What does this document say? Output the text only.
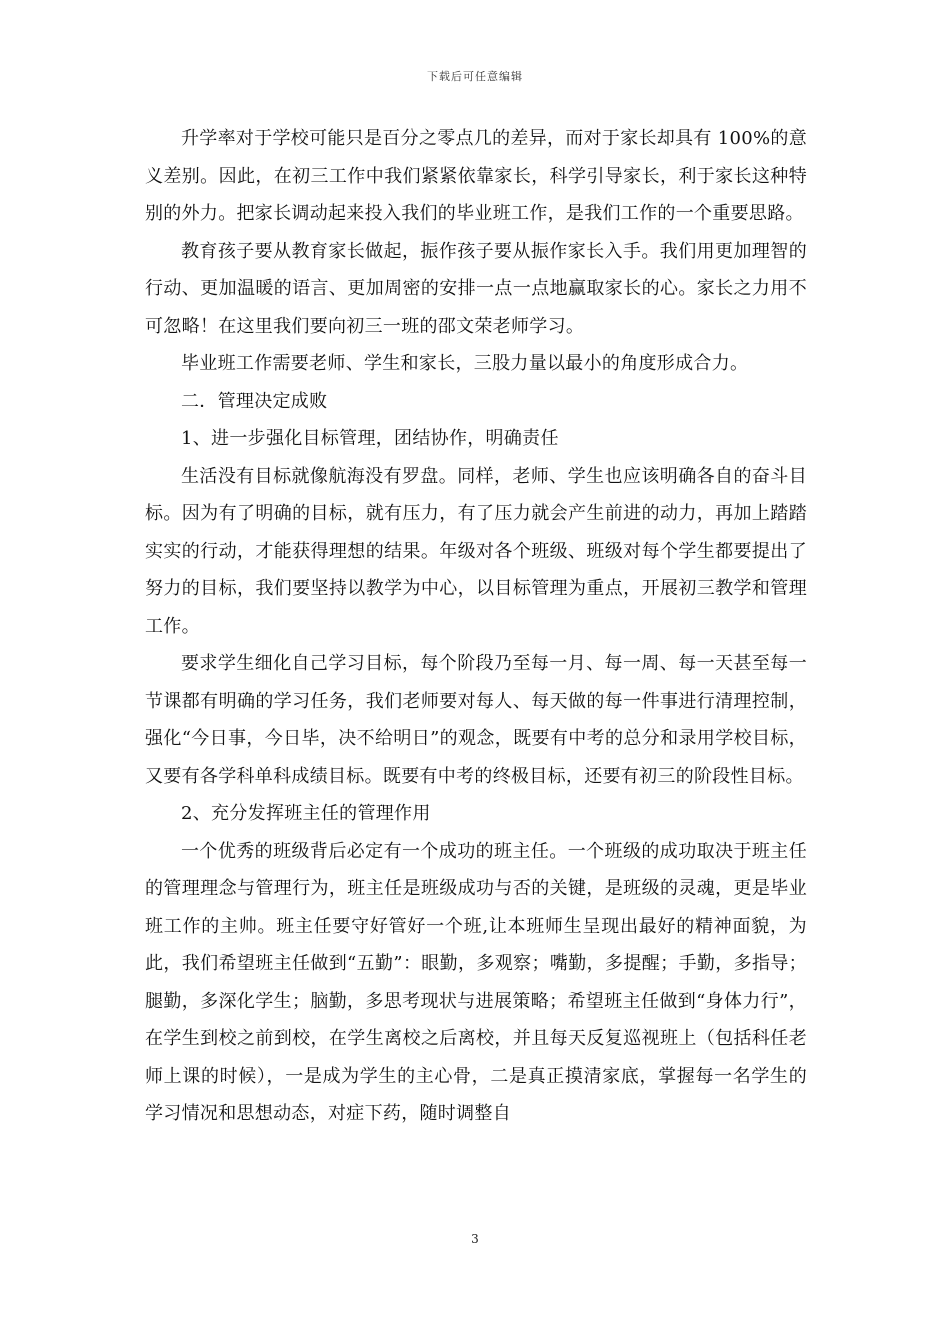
下载后可任意编辑

升学率对于学校可能只是百分之零点几的差异，而对于家长却具有 100%的意义差别。因此，在初三工作中我们紧紧依靠家长，科学引导家长，利于家长这种特别的外力。把家长调动起来投入我们的毕业班工作，是我们工作的一个重要思路。

教育孩子要从教育家长做起，振作孩子要从振作家长入手。我们用更加理智的行动、更加温暖的语言、更加周密的安排一点一点地赢取家长的心。家长之力用不可忽略！在这里我们要向初三一班的邵文荣老师学习。

毕业班工作需要老师、学生和家长，三股力量以最小的角度形成合力。

二．管理决定成败

1、进一步强化目标管理，团结协作，明确责任

生活没有目标就像航海没有罗盘。同样，老师、学生也应该明确各自的奋斗目标。因为有了明确的目标，就有压力，有了压力就会产生前进的动力，再加上踏踏实实的行动，才能获得理想的结果。年级对各个班级、班级对每个学生都要提出了努力的目标，我们要坚持以教学为中心，以目标管理为重点，开展初三教学和管理工作。

要求学生细化自己学习目标，每个阶段乃至每一月、每一周、每一天甚至每一节课都有明确的学习任务，我们老师要对每人、每天做的每一件事进行清理控制，强化“今日事，今日毕，决不给明日”的观念，既要有中考的总分和录用学校目标，又要有各学科单科成绩目标。既要有中考的终极目标，还要有初三的阶段性目标。

2、充分发挥班主任的管理作用

一个优秀的班级背后必定有一个成功的班主任。一个班级的成功取决于班主任的管理理念与管理行为，班主任是班级成功与否的关键，是班级的灵魂，更是毕业班工作的主帅。班主任要守好管好一个班,让本班师生呈现出最好的精神面貌，为此，我们希望班主任做到“五勤”：眼勤，多观察；嘴勤，多提醒；手勤，多指导；腿勤，多深化学生；脑勤，多思考现状与进展策略；希望班主任做到“身体力行”，在学生到校之前到校，在学生离校之后离校，并且每天反复巡视班上（包括科任老师上课的时候），一是成为学生的主心骨，二是真正摸清家底，掌握每一名学生的学习情况和思想动态，对症下药，随时调整自

3
